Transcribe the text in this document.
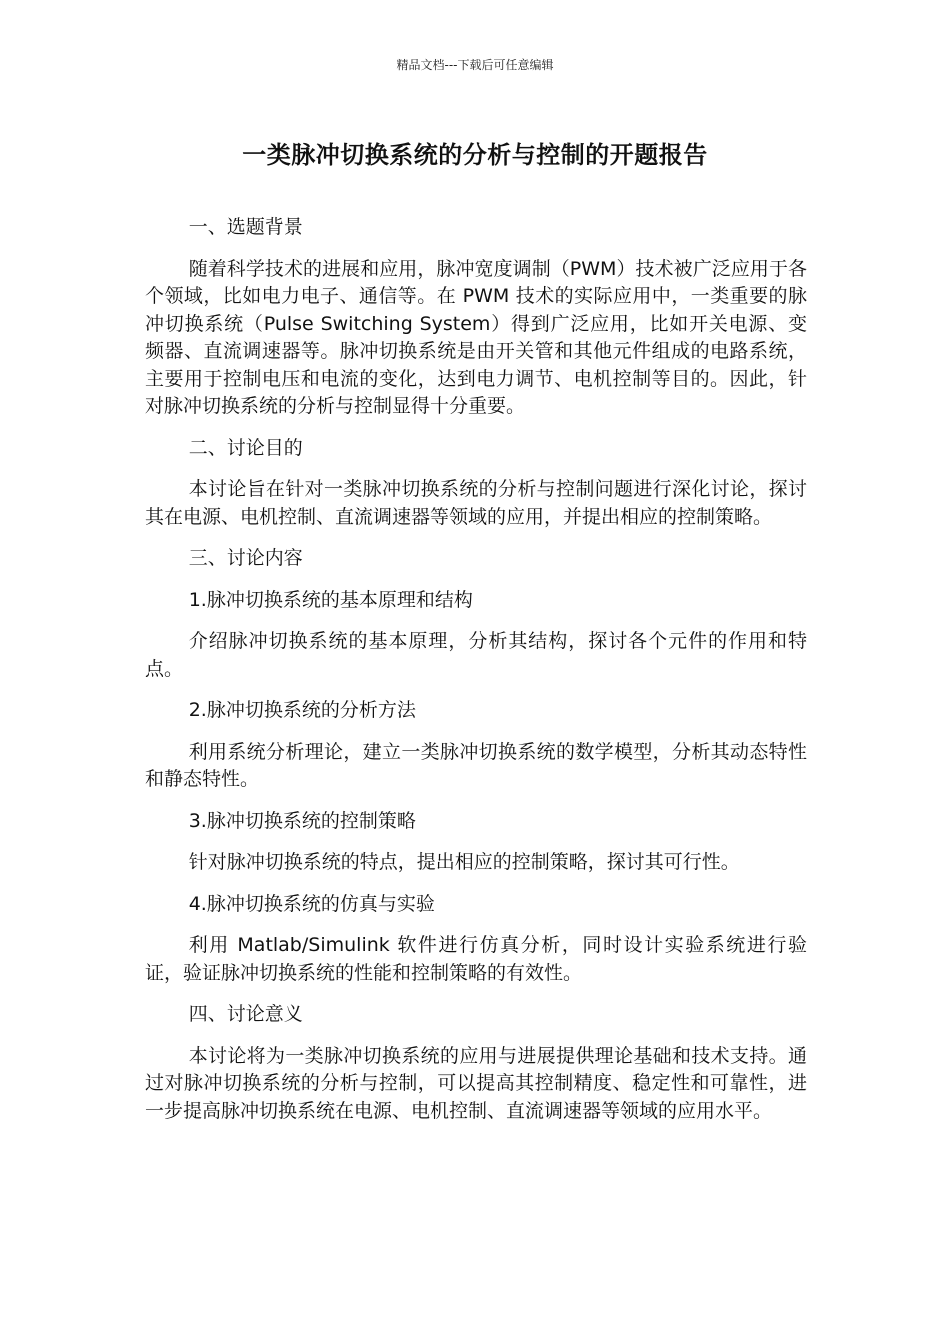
精品文档---下载后可任意编辑
一类脉冲切换系统的分析与控制的开题报告

一、选题背景

随着科学技术的进展和应用，脉冲宽度调制（PWM）技术被广泛应用于各个领域，比如电力电子、通信等。在 PWM 技术的实际应用中，一类重要的脉冲切换系统（Pulse Switching System）得到广泛应用，比如开关电源、变频器、直流调速器等。脉冲切换系统是由开关管和其他元件组成的电路系统，主要用于控制电压和电流的变化，达到电力调节、电机控制等目的。因此，针对脉冲切换系统的分析与控制显得十分重要。

二、讨论目的

本讨论旨在针对一类脉冲切换系统的分析与控制问题进行深化讨论，探讨其在电源、电机控制、直流调速器等领域的应用，并提出相应的控制策略。

三、讨论内容

1.脉冲切换系统的基本原理和结构

介绍脉冲切换系统的基本原理，分析其结构，探讨各个元件的作用和特点。

2.脉冲切换系统的分析方法

利用系统分析理论，建立一类脉冲切换系统的数学模型，分析其动态特性和静态特性。

3.脉冲切换系统的控制策略

针对脉冲切换系统的特点，提出相应的控制策略，探讨其可行性。

4.脉冲切换系统的仿真与实验

利用 Matlab/Simulink 软件进行仿真分析，同时设计实验系统进行验证，验证脉冲切换系统的性能和控制策略的有效性。

四、讨论意义

本讨论将为一类脉冲切换系统的应用与进展提供理论基础和技术支持。通过对脉冲切换系统的分析与控制，可以提高其控制精度、稳定性和可靠性，进一步提高脉冲切换系统在电源、电机控制、直流调速器等领域的应用水平。
